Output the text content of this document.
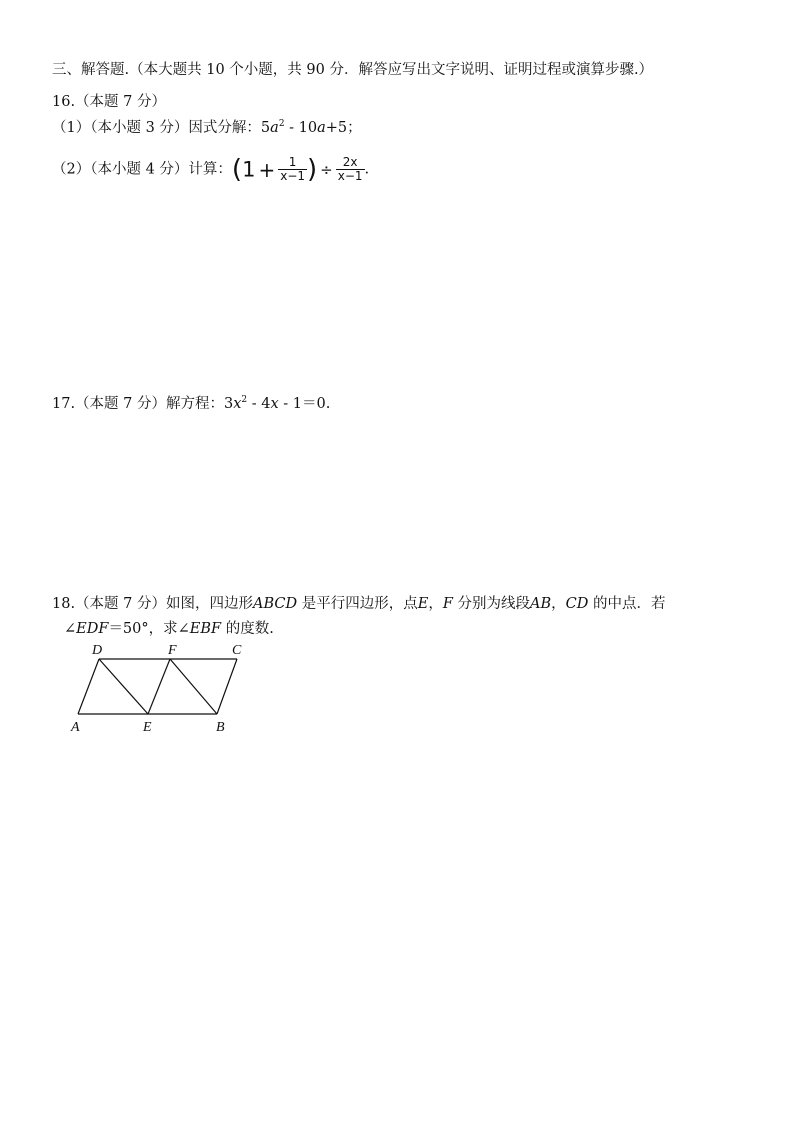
三、解答题.（本大题共 10 个小题，共 90 分．解答应写出文字说明、证明过程或演算步骤.）
16.（本题 7 分）
（1）（本小题 3 分）因式分解：$5a^2 - 10a+5$；
（2）（本小题 4 分）计算：($1 + \frac{1}{x-1}$ ) ÷ $\frac{2x}{x-1}$ .
17.（本题 7 分）解方程：$3x^2 - 4x - 1=0$.
18.（本题 7 分）如图，四边形ABCD 是平行四边形，点E，F 分别为线段AB，CD 的中点．若
∠EDF＝50°，求∠EBF 的度数.
D	F	C
A	E	B
